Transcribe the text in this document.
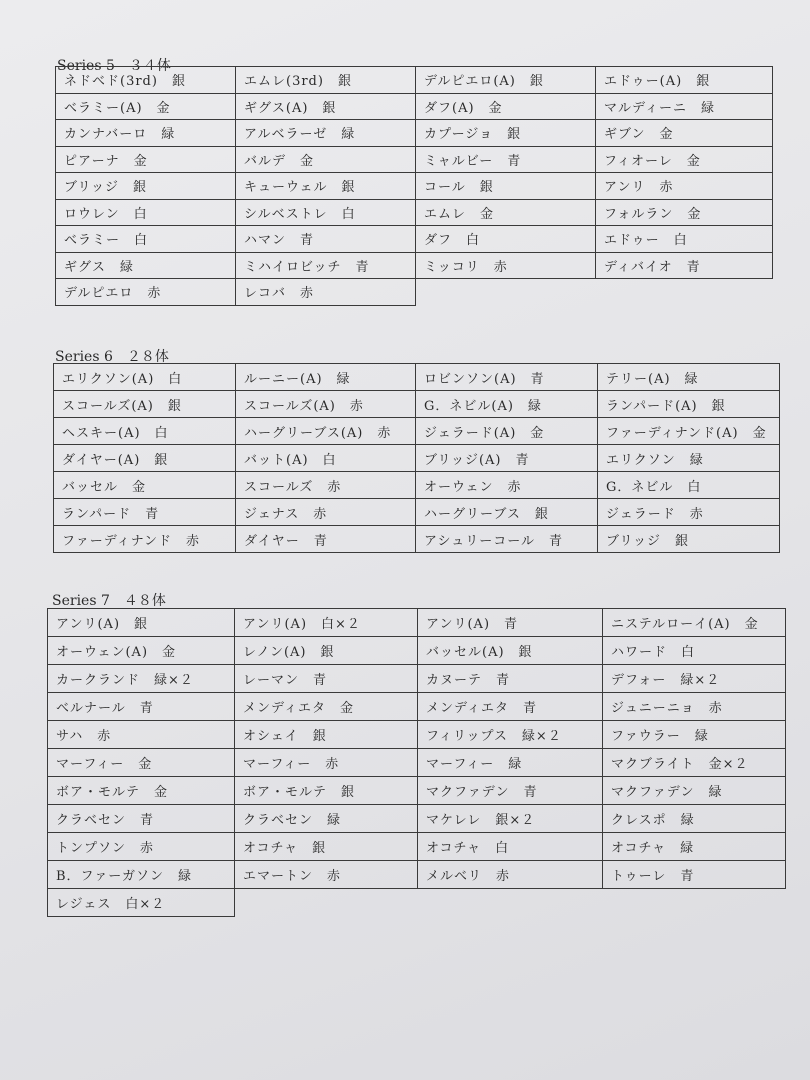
Series 5　３４体
ネドベド(3rd)　銀	エムレ(3rd)　銀	デルピエロ(A)　銀	エドゥー(A)　銀
ベラミー(A)　金	ギグス(A)　銀	ダフ(A)　金	マルディーニ　緑
カンナバーロ　緑	アルベラーゼ　緑	カプージョ　銀	ギブン　金
ピアーナ　金	バルデ　金	ミャルビー　青	フィオーレ　金
ブリッジ　銀	キューウェル　銀	コール　銀	アンリ　赤
ロウレン　白	シルベストレ　白	エムレ　金	フォルラン　金
ベラミー　白	ハマン　青	ダフ　白	エドゥー　白
ギグス　緑	ミハイロビッチ　青	ミッコリ　赤	ディバイオ　青
デルピエロ　赤	レコバ　赤
Series 6　２８体
エリクソン(A)　白	ルーニー(A)　緑	ロビンソン(A)　青	テリー(A)　緑
スコールズ(A)　銀	スコールズ(A)　赤	G．ネビル(A)　緑	ランパード(A)　銀
ヘスキー(A)　白	ハーグリーブス(A)　赤	ジェラード(A)　金	ファーディナンド(A)　金
ダイヤー(A)　銀	バット(A)　白	ブリッジ(A)　青	エリクソン　緑
バッセル　金	スコールズ　赤	オーウェン　赤	G．ネビル　白
ランパード　青	ジェナス　赤	ハーグリーブス　銀	ジェラード　赤
ファーディナンド　赤	ダイヤー　青	アシュリーコール　青	ブリッジ　銀
Series 7　４８体
アンリ(A)　銀	アンリ(A)　白×２	アンリ(A)　青	ニステルローイ(A)　金
オーウェン(A)　金	レノン(A)　銀	バッセル(A)　銀	ハワード　白
カークランド　緑×２	レーマン　青	カヌーテ　青	デフォー　緑×２
ベルナール　青	メンディエタ　金	メンディエタ　青	ジュニーニョ　赤
サハ　赤	オシェイ　銀	フィリップス　緑×２	ファウラー　緑
マーフィー　金	マーフィー　赤	マーフィー　緑	マクブライト　金×２
ボア・モルテ　金	ボア・モルテ　銀	マクファデン　青	マクファデン　緑
クラベセン　青	クラベセン　緑	マケレレ　銀×２	クレスポ　緑
トンプソン　赤	オコチャ　銀	オコチャ　白	オコチャ　緑
B．ファーガソン　緑	エマートン　赤	メルベリ　赤	トゥーレ　青
レジェス　白×２
